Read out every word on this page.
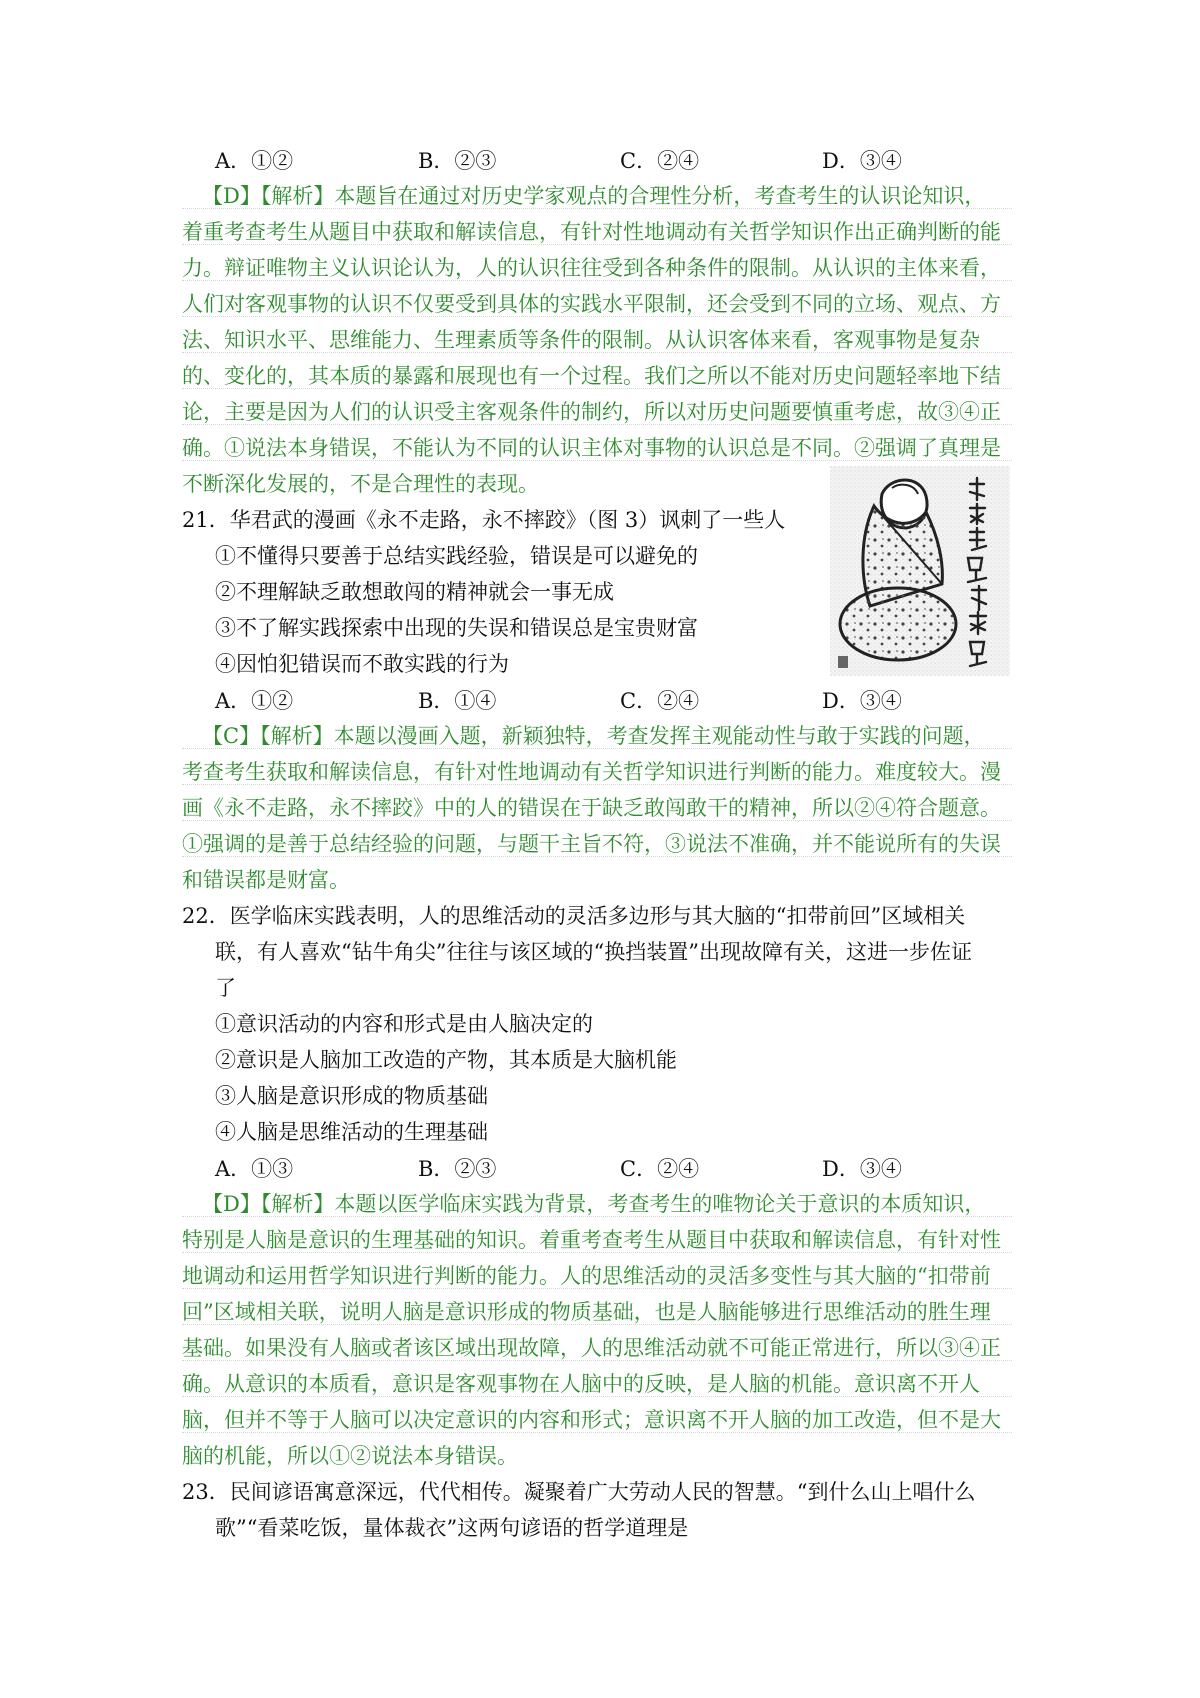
A．①②	B．②③	C．②④	D．③④
【D】【解析】本题旨在通过对历史学家观点的合理性分析，考查考生的认识论知识，
着重考查考生从题目中获取和解读信息，有针对性地调动有关哲学知识作出正确判断的能
力。辩证唯物主义认识论认为，人的认识往往受到各种条件的限制。从认识的主体来看，
人们对客观事物的认识不仅要受到具体的实践水平限制，还会受到不同的立场、观点、方
法、知识水平、思维能力、生理素质等条件的限制。从认识客体来看，客观事物是复杂
的、变化的，其本质的暴露和展现也有一个过程。我们之所以不能对历史问题轻率地下结
论，主要是因为人们的认识受主客观条件的制约，所以对历史问题要慎重考虑，故③④正
确。①说法本身错误，不能认为不同的认识主体对事物的认识总是不同。②强调了真理是
不断深化发展的，不是合理性的表现。
21．华君武的漫画《永不走路，永不摔跤》（图 3）讽刺了一些人
①不懂得只要善于总结实践经验，错误是可以避免的
②不理解缺乏敢想敢闯的精神就会一事无成
③不了解实践探索中出现的失误和错误总是宝贵财富
④因怕犯错误而不敢实践的行为
A．①②	B．①④	C．②④	D．③④
【C】【解析】本题以漫画入题，新颖独特，考查发挥主观能动性与敢于实践的问题，
考查考生获取和解读信息，有针对性地调动有关哲学知识进行判断的能力。难度较大。漫
画《永不走路，永不摔跤》中的人的错误在于缺乏敢闯敢干的精神，所以②④符合题意。
①强调的是善于总结经验的问题，与题干主旨不符，③说法不准确，并不能说所有的失误
和错误都是财富。
22．医学临床实践表明，人的思维活动的灵活多边形与其大脑的“扣带前回”区域相关
联，有人喜欢“钻牛角尖”往往与该区域的“换挡装置”出现故障有关，这进一步佐证
了
①意识活动的内容和形式是由人脑决定的
②意识是人脑加工改造的产物，其本质是大脑机能
③人脑是意识形成的物质基础
④人脑是思维活动的生理基础
A．①③	B．②③	C．②④	D．③④
【D】【解析】本题以医学临床实践为背景，考查考生的唯物论关于意识的本质知识，
特别是人脑是意识的生理基础的知识。着重考查考生从题目中获取和解读信息，有针对性
地调动和运用哲学知识进行判断的能力。人的思维活动的灵活多变性与其大脑的“扣带前
回”区域相关联，说明人脑是意识形成的物质基础，也是人脑能够进行思维活动的胜生理
基础。如果没有人脑或者该区域出现故障，人的思维活动就不可能正常进行，所以③④正
确。从意识的本质看，意识是客观事物在人脑中的反映，是人脑的机能。意识离不开人
脑，但并不等于人脑可以决定意识的内容和形式；意识离不开人脑的加工改造，但不是大
脑的机能，所以①②说法本身错误。
23．民间谚语寓意深远，代代相传。凝聚着广大劳动人民的智慧。“到什么山上唱什么
歌”“看菜吃饭，量体裁衣”这两句谚语的哲学道理是
